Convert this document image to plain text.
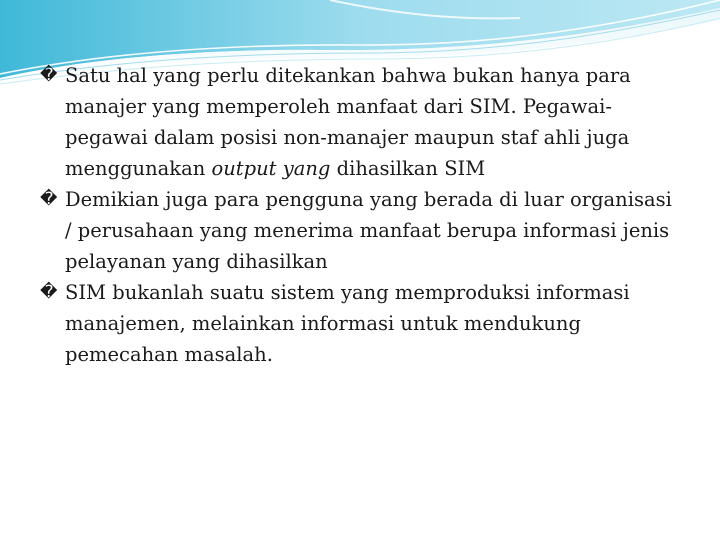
� Satu hal yang perlu ditekankan bahwa bukan hanya para manajer yang memperoleh manfaat dari SIM. Pegawai-pegawai dalam posisi non-manajer maupun staf ahli juga menggunakan output yang dihasilkan SIM
� Demikian juga para pengguna yang berada di luar organisasi / perusahaan yang menerima manfaat berupa informasi jenis pelayanan yang dihasilkan
� SIM bukanlah suatu sistem yang memproduksi informasi manajemen, melainkan informasi untuk mendukung pemecahan masalah.
